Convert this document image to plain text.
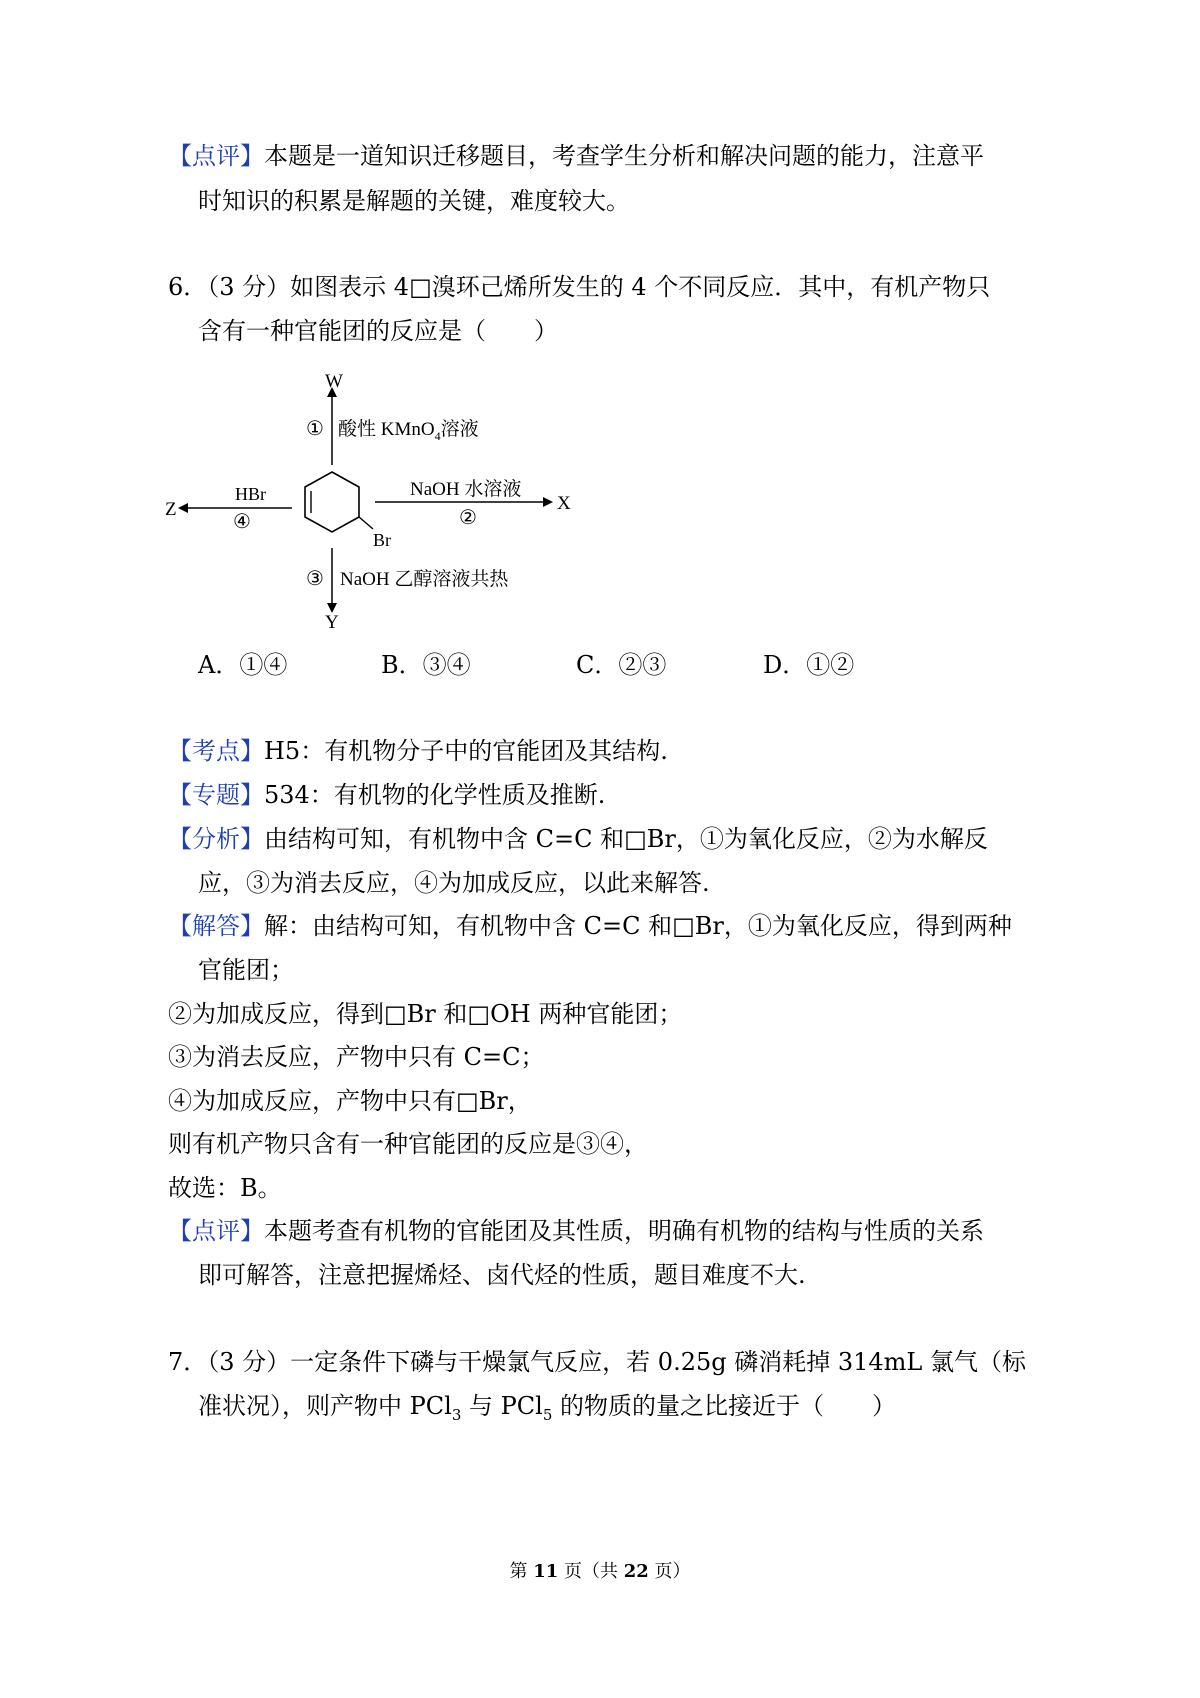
【点评】本题是一道知识迁移题目，考查学生分析和解决问题的能力，注意平
时知识的积累是解题的关键，难度较大。
6．（3 分）如图表示 4□溴环己烯所发生的 4 个不同反应．其中，有机产物只
含有一种官能团的反应是（　　）
W
① 酸性 KMnO$_4$溶液
Br
X
NaOH 水溶液
②
Z
HBr
④
Y
③ NaOH 乙醇溶液共热
A．①④	B．③④	C．②③	D．①②
【考点】H5：有机物分子中的官能团及其结构.
【专题】534：有机物的化学性质及推断.
【分析】由结构可知，有机物中含 C=C 和□Br，①为氧化反应，②为水解反
应，③为消去反应，④为加成反应，以此来解答.
【解答】解：由结构可知，有机物中含 C=C 和□Br，①为氧化反应，得到两种
官能团；
②为加成反应，得到□Br 和□OH 两种官能团；
③为消去反应，产物中只有 C=C；
④为加成反应，产物中只有□Br，
则有机产物只含有一种官能团的反应是③④，
故选：B。
【点评】本题考查有机物的官能团及其性质，明确有机物的结构与性质的关系
即可解答，注意把握烯烃、卤代烃的性质，题目难度不大.
7．（3 分）一定条件下磷与干燥氯气反应，若 0.25g 磷消耗掉 314mL 氯气（标
准状况），则产物中 PCl$_3$ 与 PCl$_5$ 的物质的量之比接近于（　　）
第 11 页（共 22 页）
